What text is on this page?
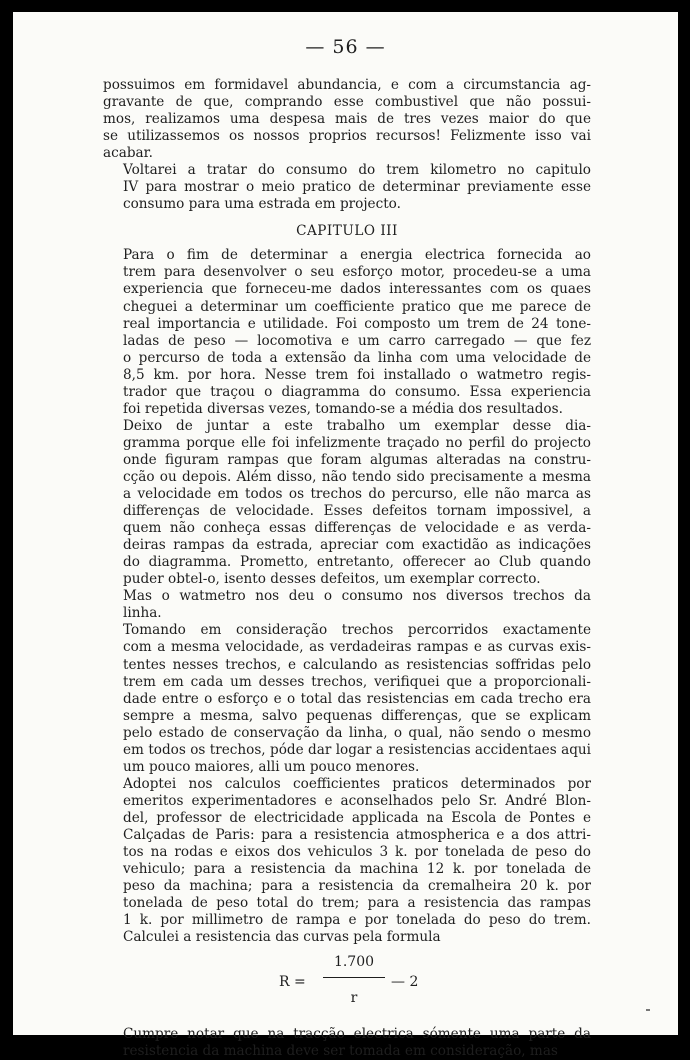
— 56 —

possuimos em formidavel abundancia, e com a circumstancia ag-
gravante de que, comprando esse combustivel que não possui-
mos, realizamos uma despesa mais de tres vezes maior do que
se utilizassemos os nossos proprios recursos! Felizmente isso vai
acabar.

Voltarei a tratar do consumo do trem kilometro no capitulo
IV para mostrar o meio pratico de determinar previamente esse
consumo para uma estrada em projecto.

CAPITULO III

Para o fim de determinar a energia electrica fornecida ao
trem para desenvolver o seu esforço motor, procedeu-se a uma
experiencia que forneceu-me dados interessantes com os quaes
cheguei a determinar um coefficiente pratico que me parece de
real importancia e utilidade. Foi composto um trem de 24 tone-
ladas de peso — locomotiva e um carro carregado — que fez
o percurso de toda a extensão da linha com uma velocidade de
8,5 km. por hora. Nesse trem foi installado o watmetro regis-
trador que traçou o diagramma do consumo. Essa experiencia
foi repetida diversas vezes, tomando-se a média dos resultados.

Deixo de juntar a este trabalho um exemplar desse dia-
gramma porque elle foi infelizmente traçado no perfil do projecto
onde figuram rampas que foram algumas alteradas na constru-
cção ou depois. Além disso, não tendo sido precisamente a mesma
a velocidade em todos os trechos do percurso, elle não marca as
differenças de velocidade. Esses defeitos tornam impossivel, a
quem não conheça essas differenças de velocidade e as verda-
deiras rampas da estrada, apreciar com exactidão as indicações
do diagramma. Prometto, entretanto, offerecer ao Club quando
puder obtel-o, isento desses defeitos, um exemplar correcto.

Mas o watmetro nos deu o consumo nos diversos trechos da
linha.

Tomando em consideração trechos percorridos exactamente
com a mesma velocidade, as verdadeiras rampas e as curvas exis-
tentes nesses trechos, e calculando as resistencias soffridas pelo
trem em cada um desses trechos, verifiquei que a proporcionali-
dade entre o esforço e o total das resistencias em cada trecho era
sempre a mesma, salvo pequenas differenças, que se explicam
pelo estado de conservação da linha, o qual, não sendo o mesmo
em todos os trechos, póde dar logar a resistencias accidentaes aqui
um pouco maiores, alli um pouco menores.

Adoptei nos calculos coefficientes praticos determinados por
emeritos experimentadores e aconselhados pelo Sr. André Blon-
del, professor de electricidade applicada na Escola de Pontes e
Calçadas de Paris: para a resistencia atmospherica e a dos attri-
tos na rodas e eixos dos vehiculos 3 k. por tonelada de peso do
vehiculo; para a resistencia da machina 12 k. por tonelada de
peso da machina; para a resistencia da cremalheira 20 k. por
tonelada de peso total do trem; para a resistencia das rampas
1 k. por millimetro de rampa e por tonelada do peso do trem.
Calculei a resistencia das curvas pela formula

R =
1.700
r
— 2

Cumpre notar que na tracção electrica sómente uma parte da
resistencia da machina deve ser tomada em consideração, mas
